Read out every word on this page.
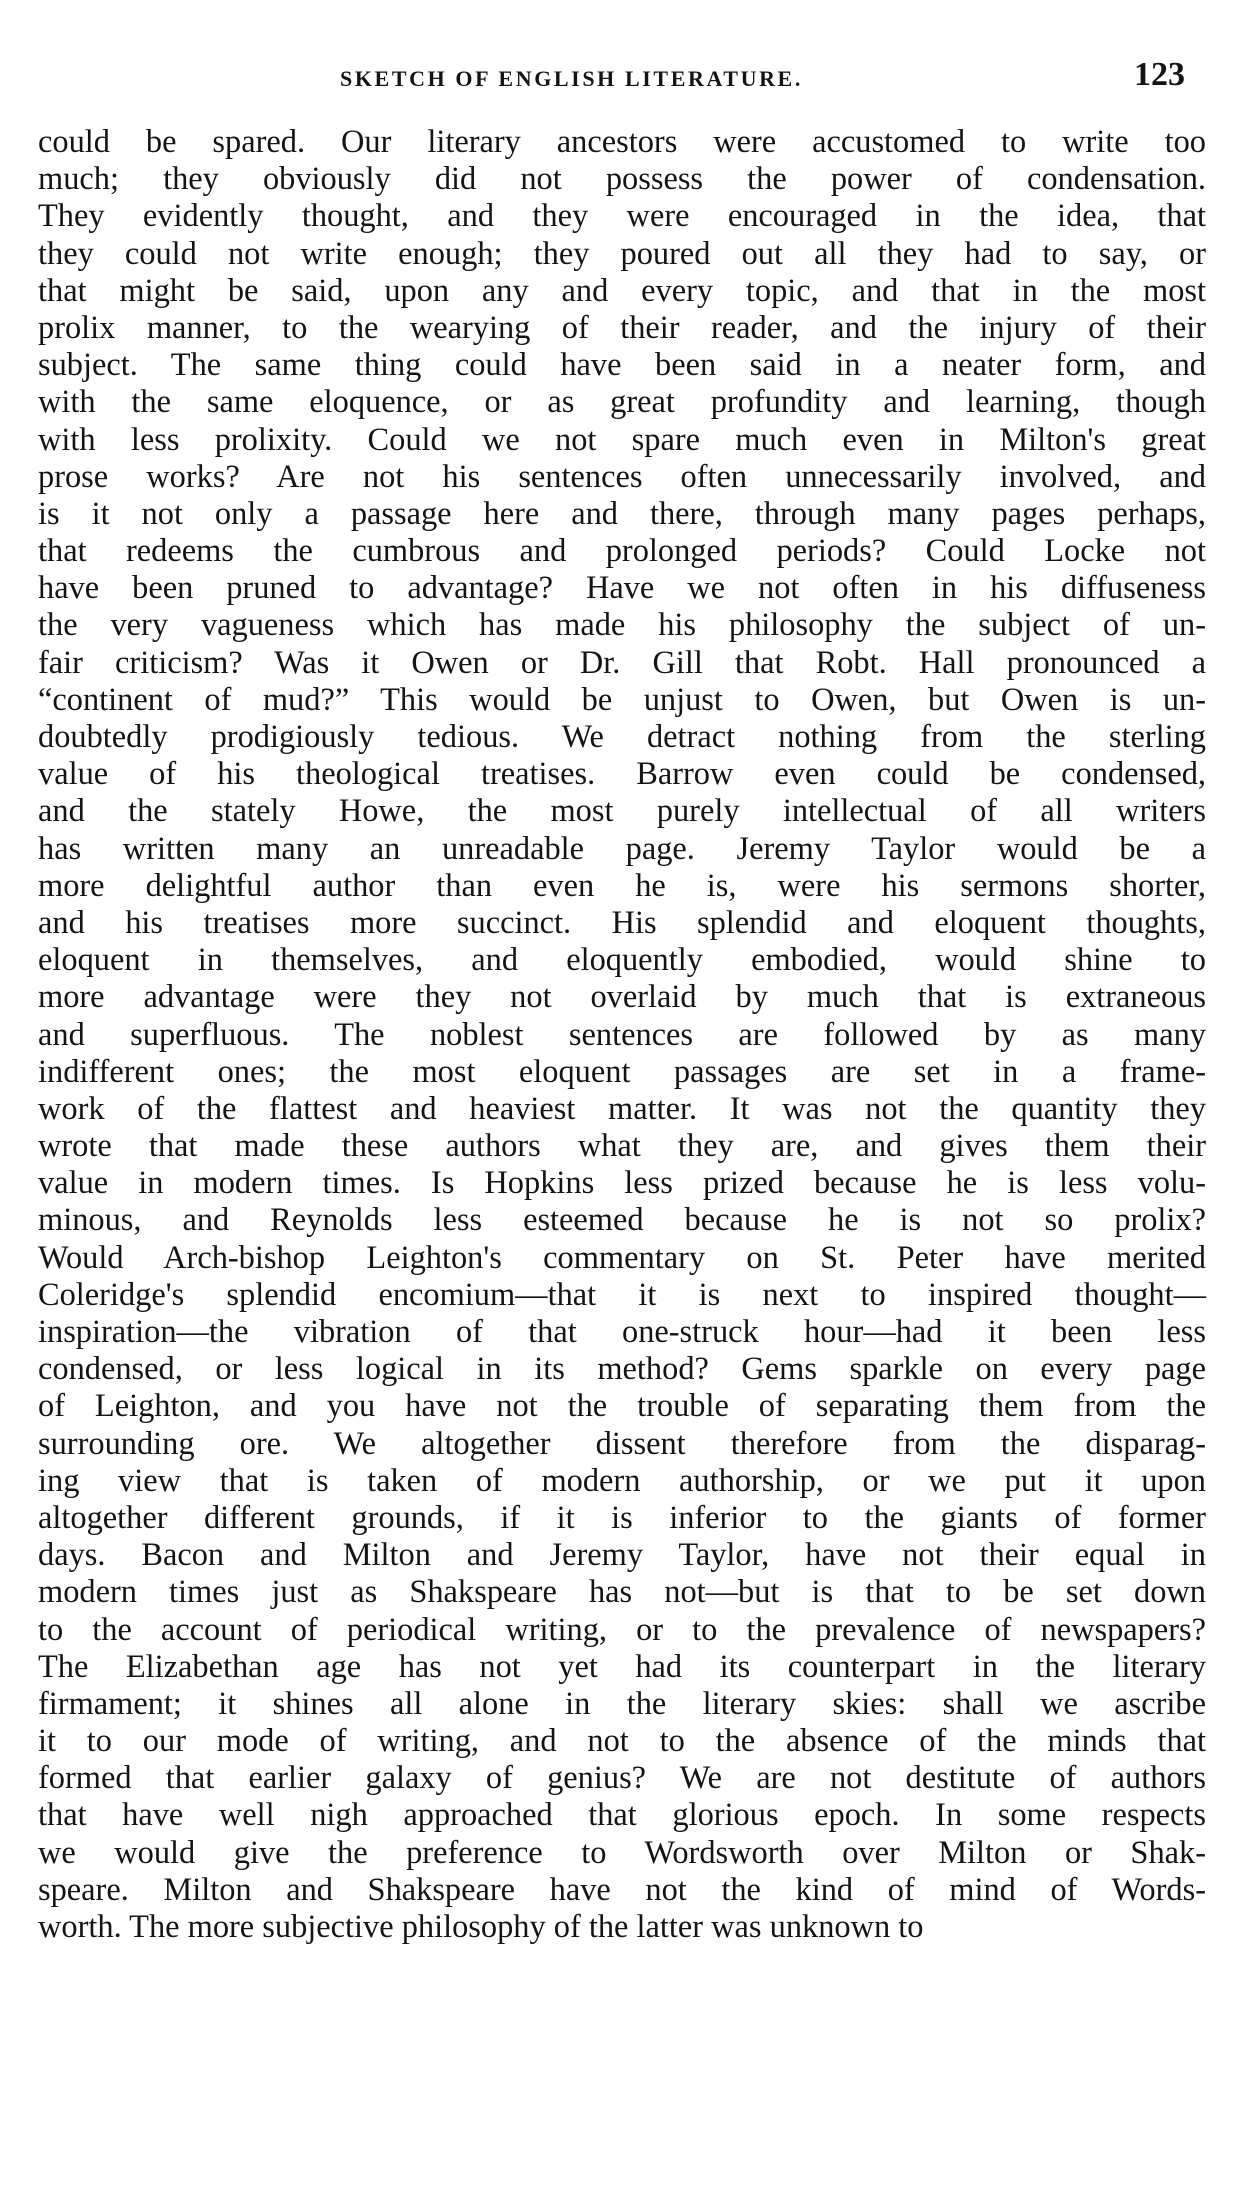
SKETCH OF ENGLISH LITERATURE.	123
could be spared. Our literary ancestors were accustomed to write too
much; they obviously did not possess the power of condensation.
They evidently thought, and they were encouraged in the idea, that
they could not write enough; they poured out all they had to say, or
that might be said, upon any and every topic, and that in the most
prolix manner, to the wearying of their reader, and the injury of their
subject. The same thing could have been said in a neater form, and
with the same eloquence, or as great profundity and learning, though
with less prolixity. Could we not spare much even in Milton's great
prose works? Are not his sentences often unnecessarily involved, and
is it not only a passage here and there, through many pages perhaps,
that redeems the cumbrous and prolonged periods? Could Locke not
have been pruned to advantage? Have we not often in his diffuseness
the very vagueness which has made his philosophy the subject of un-
fair criticism? Was it Owen or Dr. Gill that Robt. Hall pronounced a
“continent of mud?” This would be unjust to Owen, but Owen is un-
doubtedly prodigiously tedious. We detract nothing from the sterling
value of his theological treatises. Barrow even could be condensed,
and the stately Howe, the most purely intellectual of all writers
has written many an unreadable page. Jeremy Taylor would be a
more delightful author than even he is, were his sermons shorter,
and his treatises more succinct. His splendid and eloquent thoughts,
eloquent in themselves, and eloquently embodied, would shine to
more advantage were they not overlaid by much that is extraneous
and superfluous. The noblest sentences are followed by as many
indifferent ones; the most eloquent passages are set in a frame-
work of the flattest and heaviest matter. It was not the quantity they
wrote that made these authors what they are, and gives them their
value in modern times. Is Hopkins less prized because he is less volu-
minous, and Reynolds less esteemed because he is not so prolix?
Would Arch-bishop Leighton's commentary on St. Peter have merited
Coleridge's splendid encomium—that it is next to inspired thought—
inspiration—the vibration of that one-struck hour—had it been less
condensed, or less logical in its method? Gems sparkle on every page
of Leighton, and you have not the trouble of separating them from the
surrounding ore. We altogether dissent therefore from the disparag-
ing view that is taken of modern authorship, or we put it upon
altogether different grounds, if it is inferior to the giants of former
days. Bacon and Milton and Jeremy Taylor, have not their equal in
modern times just as Shakspeare has not—but is that to be set down
to the account of periodical writing, or to the prevalence of newspapers?
The Elizabethan age has not yet had its counterpart in the literary
firmament; it shines all alone in the literary skies: shall we ascribe
it to our mode of writing, and not to the absence of the minds that
formed that earlier galaxy of genius? We are not destitute of authors
that have well nigh approached that glorious epoch. In some respects
we would give the preference to Wordsworth over Milton or Shak-
speare. Milton and Shakspeare have not the kind of mind of Words-
worth. The more subjective philosophy of the latter was unknown to
